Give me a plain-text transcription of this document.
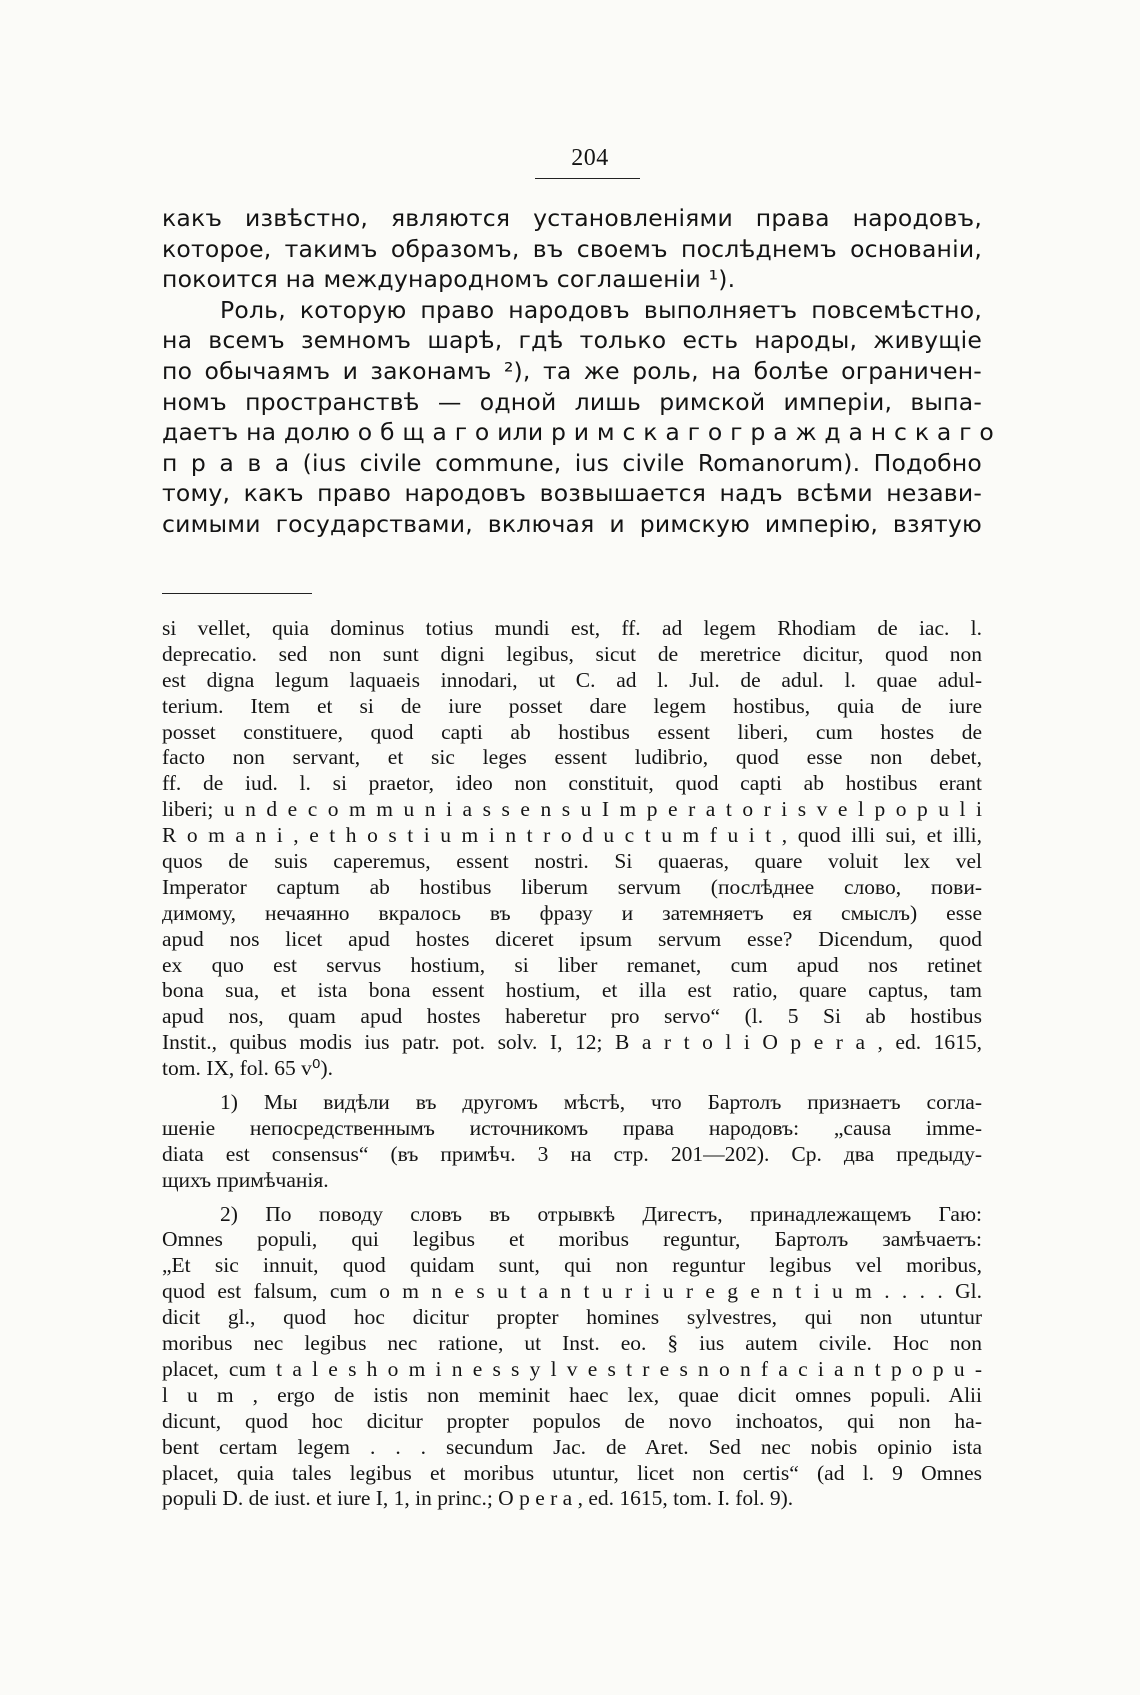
204
какъ извѣстно, являются установленіями права народовъ,
которое, такимъ образомъ, въ своемъ послѣднемъ основаніи,
покоится на международномъ соглашеніи ¹).
Роль, которую право народовъ выполняетъ повсемѣстно,
на всемъ земномъ шарѣ, гдѣ только есть народы, живущіе
по обычаямъ и законамъ ²), та же роль, на болѣе ограничен-
номъ пространствѣ — одной лишь римской имперіи, выпа-
даетъ на долю о б щ а г о или р и м с к а г о г р а ж д а н с к а г о
п р а в а (ius civile commune, ius civile Romanorum). Подобно
тому, какъ право народовъ возвышается надъ всѣми незави-
симыми государствами, включая и римскую имперію, взятую
si vellet, quia dominus totius mundi est, ff. ad legem Rhodiam de iac. l.
deprecatio. sed non sunt digni legibus, sicut de meretrice dicitur, quod non
est digna legum laquaeis innodari, ut C. ad l. Jul. de adul. l. quae adul-
terium. Item et si de iure posset dare legem hostibus, quia de iure
posset constituere, quod capti ab hostibus essent liberi, cum hostes de
facto non servant, et sic leges essent ludibrio, quod esse non debet,
ff. de iud. l. si praetor, ideo non constituit, quod capti ab hostibus erant
liberi; u n d e c o m m u n i a s s e n s u I m p e r a t o r i s v e l p o p u l i
R o m a n i , e t h o s t i u m i n t r o d u c t u m f u i t , quod illi sui, et illi,
quos de suis caperemus, essent nostri. Si quaeras, quare voluit lex vel
Imperator captum ab hostibus liberum servum (послѣднее слово, пови-
димому, нечаянно вкралось въ фразу и затемняетъ ея смыслъ) esse
apud nos licet apud hostes diceret ipsum servum esse? Dicendum, quod
ex quo est servus hostium, si liber remanet, cum apud nos retinet
bona sua, et ista bona essent hostium, et illa est ratio, quare captus, tam
apud nos, quam apud hostes haberetur pro servo“ (l. 5 Si ab hostibus
Instit., quibus modis ius patr. pot. solv. I, 12; B a r t o l i O p e r a , ed. 1615,
tom. IX, fol. 65 v⁰).
1) Мы видѣли въ другомъ мѣстѣ, что Бартолъ признаетъ согла-
шеніе непосредственнымъ источникомъ права народовъ: „causa imme-
diata est consensus“ (въ примѣч. 3 на стр. 201—202). Ср. два предыду-
щихъ примѣчанія.
2) По поводу словъ въ отрывкѣ Дигестъ, принадлежащемъ Гаю:
Omnes populi, qui legibus et moribus reguntur, Бартолъ замѣчаетъ:
„Et sic innuit, quod quidam sunt, qui non reguntur legibus vel moribus,
quod est falsum, cum o m n e s u t a n t u r i u r e g e n t i u m . . . . Gl.
dicit gl., quod hoc dicitur propter homines sylvestres, qui non utuntur
moribus nec legibus nec ratione, ut Inst. eo. § ius autem civile. Hoc non
placet, cum t a l e s h o m i n e s s y l v e s t r e s n o n f a c i a n t p o p u -
l u m , ergo de istis non meminit haec lex, quae dicit omnes populi. Alii
dicunt, quod hoc dicitur propter populos de novo inchoatos, qui non ha-
bent certam legem . . . secundum Jac. de Aret. Sed nec nobis opinio ista
placet, quia tales legibus et moribus utuntur, licet non certis“ (ad l. 9 Omnes
populi D. de iust. et iure I, 1, in princ.; O p e r a , ed. 1615, tom. I. fol. 9).
